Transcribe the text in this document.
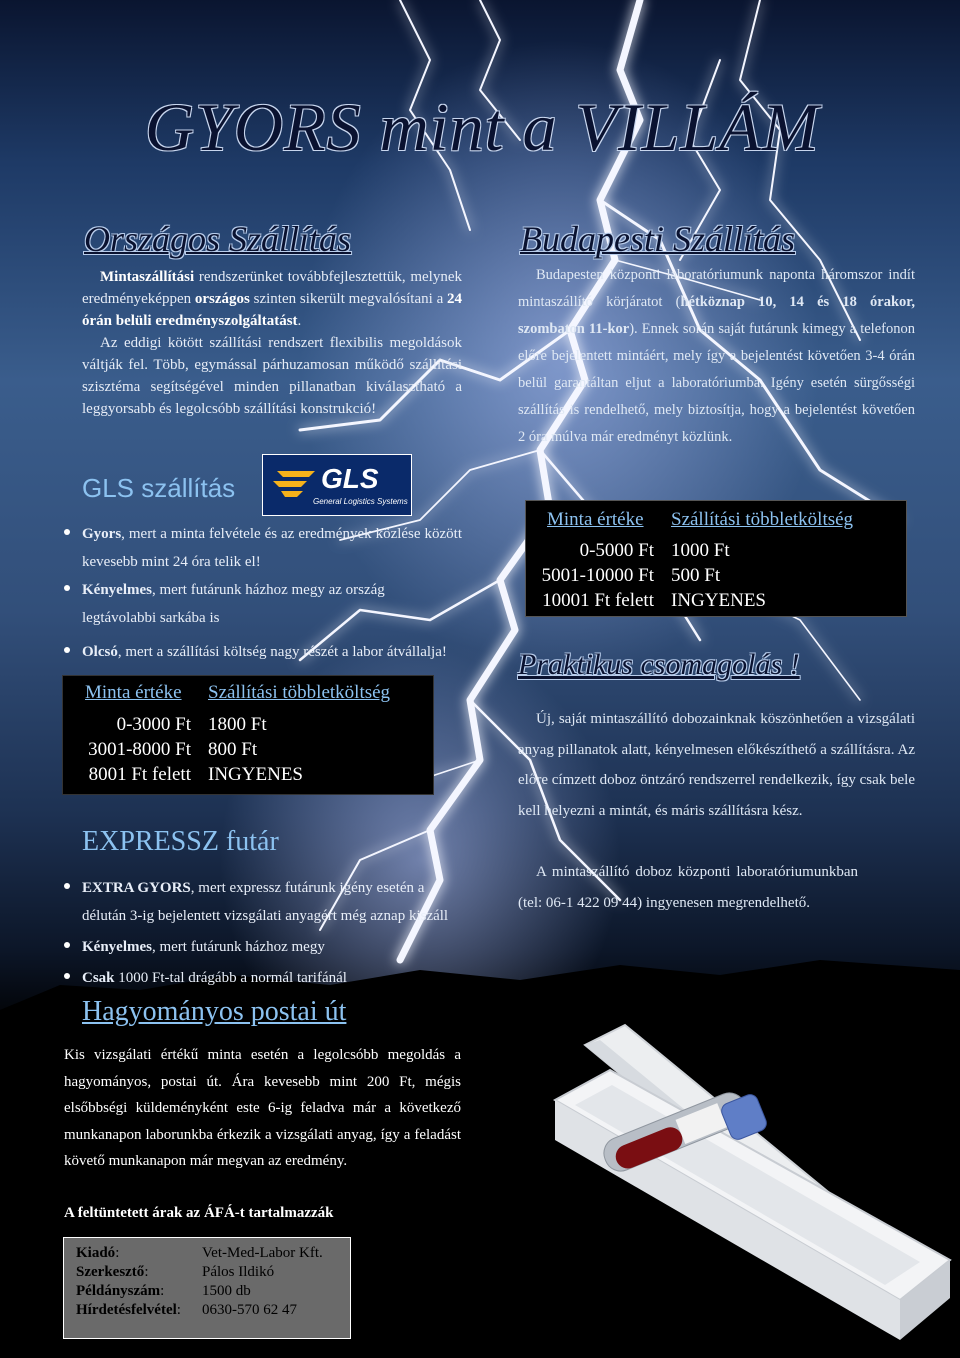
GYORS mint a VILLÁM
Országos Szállítás
Mintaszállítási rendszerünket továbbfejlesztettük, melynek eredményeképpen országos szinten sikerült megvalósítani a 24 órán belüli eredményszolgáltatást.
Az eddigi kötött szállítási rendszert flexibilis megoldások váltják fel. Több, egymással párhuzamosan működő szállítási szisztéma segítségével minden pillanatban kiválasztható a leggyorsabb és legolcsóbb szállítási konstrukció!
GLS szállítás	GLS
General Logistics Systems
Gyors, mert a minta felvétele és az eredmények közlése között kevesebb mint 24 óra telik el!
Kényelmes, mert futárunk házhoz megy az ország legtávolabbi sarkába is
Olcsó, mert a szállítási költség nagy részét a labor átvállalja!
Minta értéke	Szállítási többletköltség
0-3000 Ft 1800 Ft
3001-8000 Ft 800 Ft
8001 Ft felett INGYENES
EXPRESSZ futár
EXTRA GYORS, mert expressz futárunk igény esetén a délután 3-ig bejelentett vizsgálati anyagért még aznap kiszáll
Kényelmes, mert futárunk házhoz megy
Csak 1000 Ft-tal drágább a normál tarifánál
Hagyományos postai út
Kis vizsgálati értékű minta esetén a legolcsóbb megoldás a hagyományos, postai út. Ára kevesebb mint 200 Ft, mégis elsőbbségi küldeményként este 6-ig feladva már a következő munkanapon laborunkba érkezik a vizsgálati anyag, így a feladást követő munkanapon már megvan az eredmény.
A feltüntetett árak az ÁFÁ-t tartalmazzák
Kiadó:	Vet-Med-Labor Kft.
Szerkesztő:	Pálos Ildikó
Példányszám:	1500 db
Hírdetésfelvétel:	0630-570 62 47
Budapesti Szállítás
Budapesten központi laboratóriumunk naponta háromszor indít mintaszállító körjáratot (hétköznap 10, 14 és 18 órakor, szombaton 11-kor). Ennek során saját futárunk kimegy a telefonon előre bejelentett mintáért, mely így a bejelentést követően 3-4 órán belül garantáltan eljut a laboratóriumba. Igény esetén sürgősségi szállítás is rendelhető, mely biztosítja, hogy a bejelentést követően 2 óra múlva már eredményt közlünk.
Minta értéke	Szállítási többletköltség
0-5000 Ft 1000 Ft
5001-10000 Ft 500 Ft
10001 Ft felett INGYENES
Praktikus csomagolás !
Új, saját mintaszállító dobozainknak köszönhetően a vizsgálati anyag pillanatok alatt, kényelmesen előkészíthető a szállításra. Az előre címzett doboz öntzáró rendszerrel rendelkezik, így csak bele kell helyezni a mintát, és máris szállításra kész.
A mintaszállító doboz központi laboratóriumunkban (tel: 06-1 422 09 44) ingyenesen megrendelhető.
